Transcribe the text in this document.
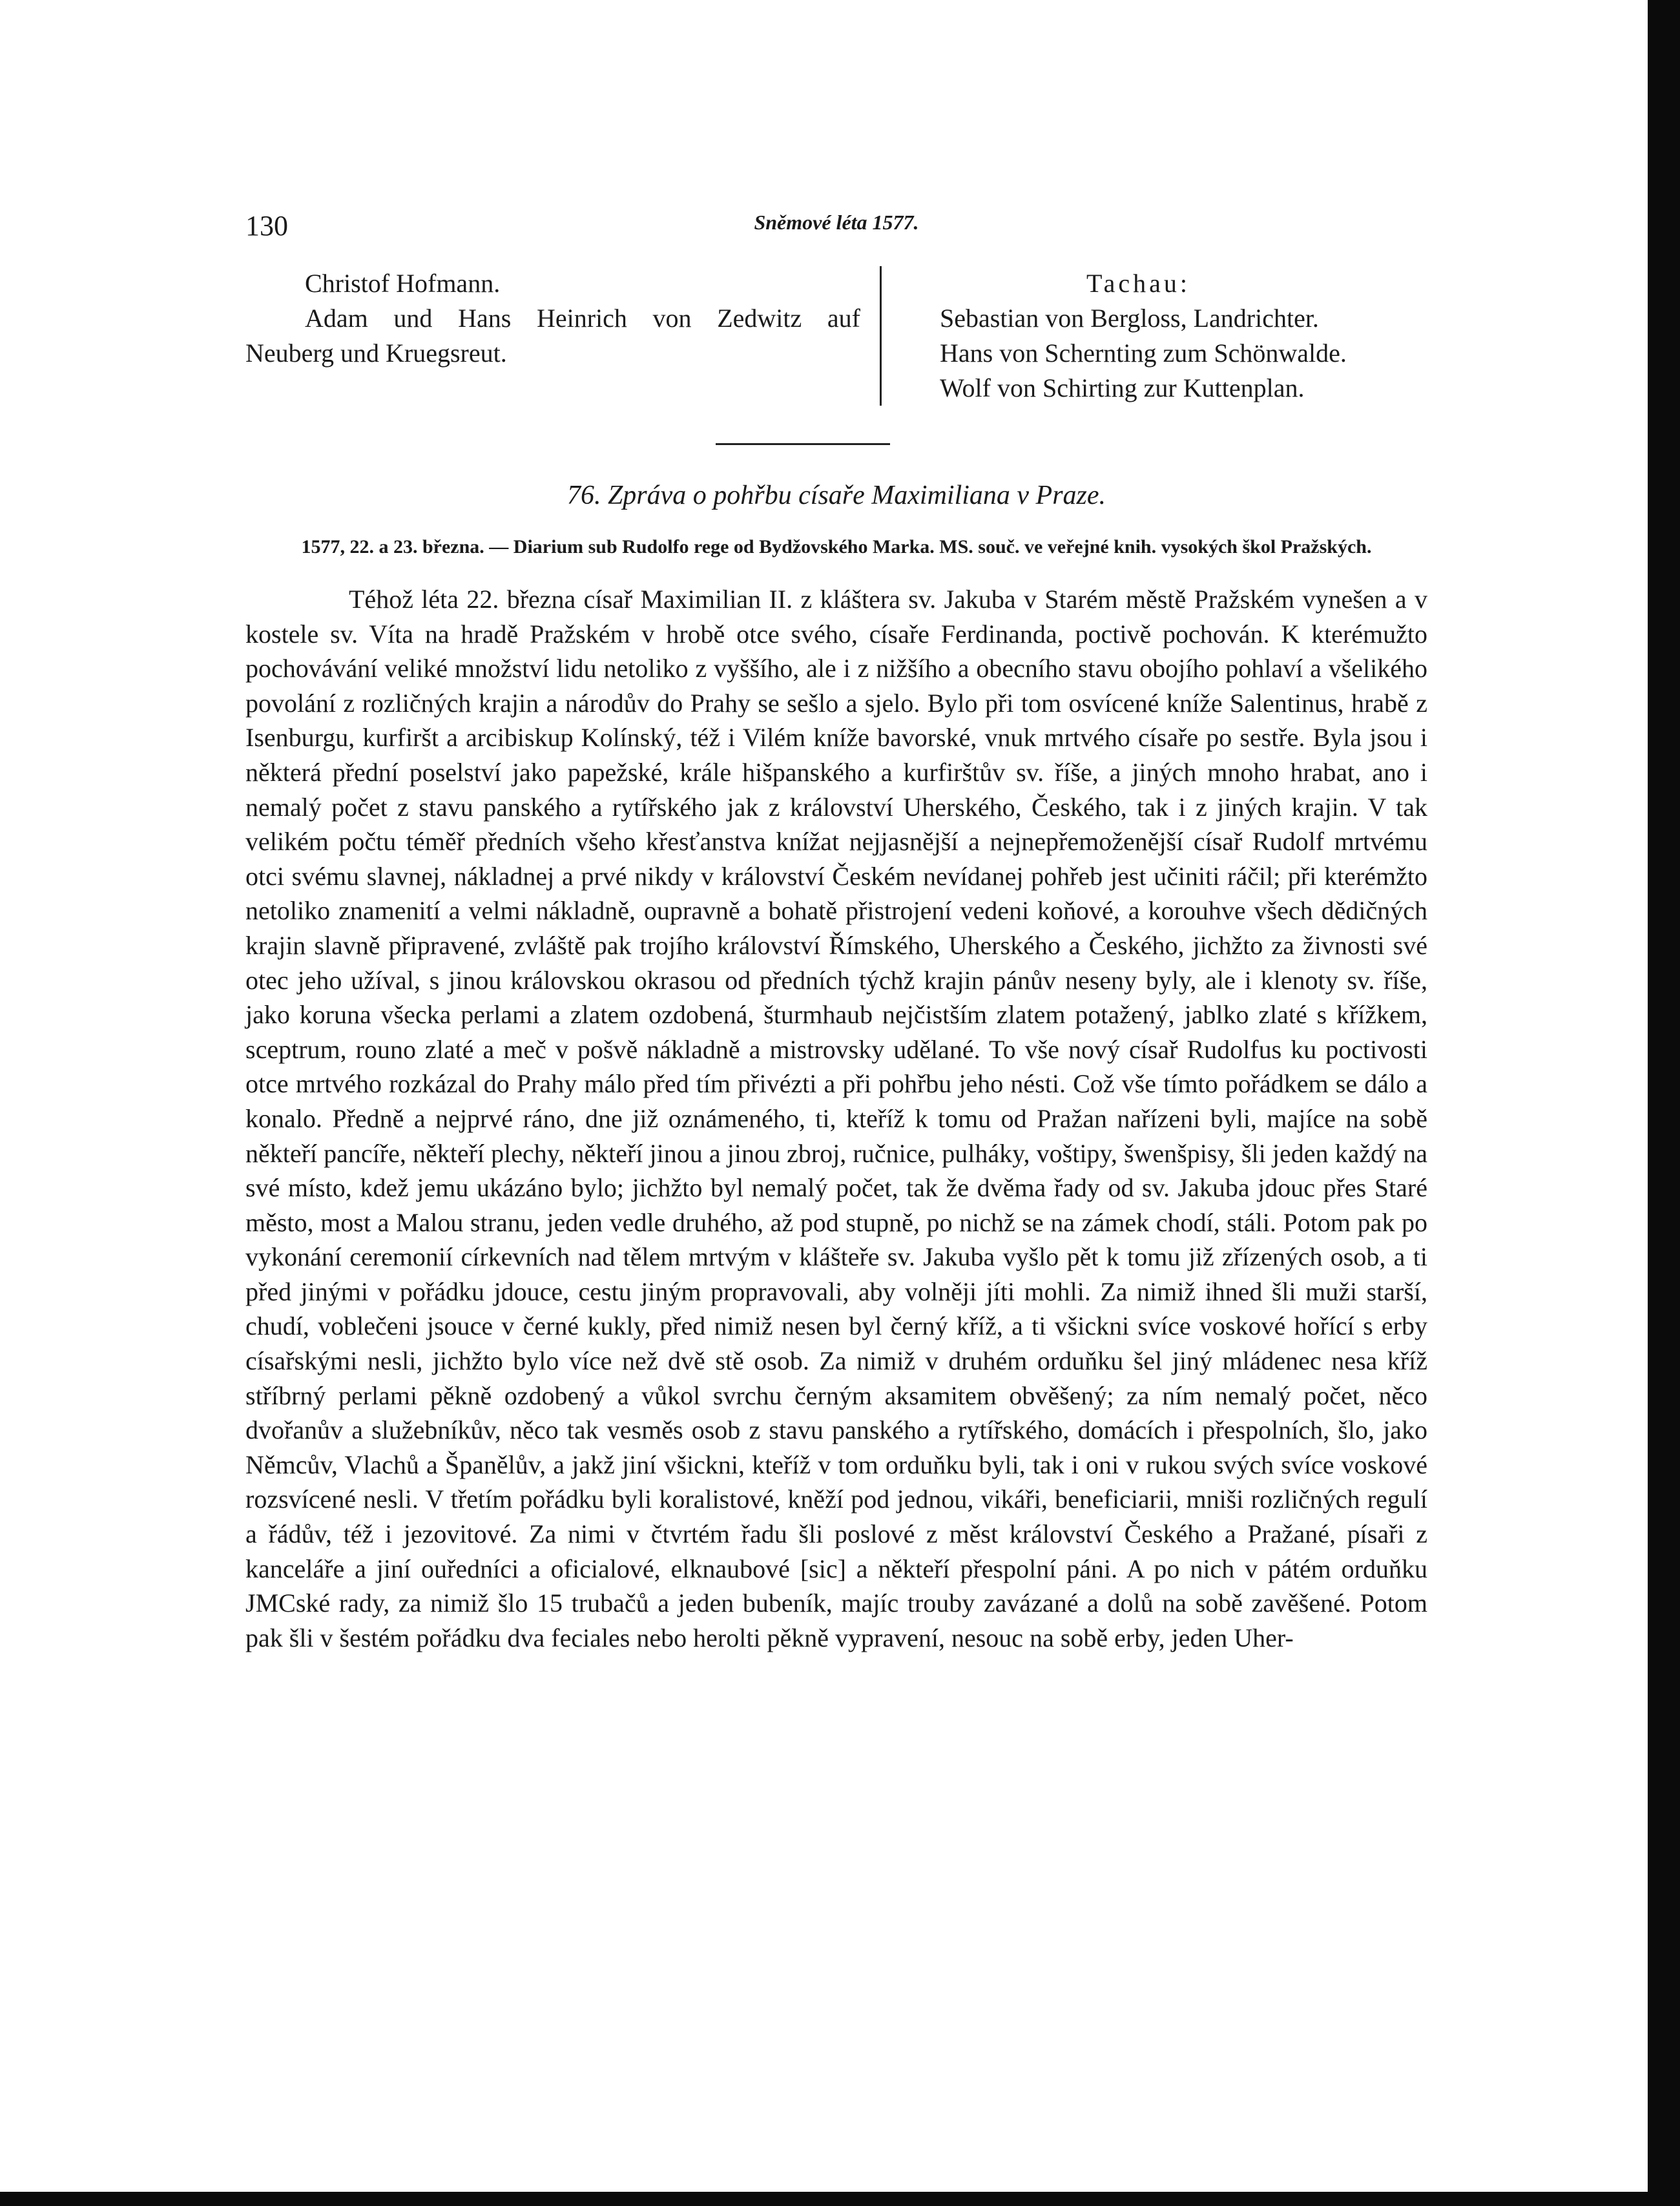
130	Sněmové léta 1577.
Christof Hofmann.
Adam und Hans Heinrich von Zedwitz auf
Neuberg und Kruegsreut.
Tachau:
Sebastian von Bergloss, Landrichter.
Hans von Schernting zum Schönwalde.
Wolf von Schirting zur Kuttenplan.
76. Zpráva o pohřbu císaře Maximiliana v Praze.
1577, 22. a 23. března. — Diarium sub Rudolfo rege od Bydžovského Marka. MS. souč. ve veřejné knih. vysokých škol Pražských.
Téhož léta 22. března císař Maximilian II. z kláštera sv. Jakuba v Starém městě Pražském vynešen a v kostele sv. Víta na hradě Pražském v hrobě otce svého, císaře Ferdinanda, poctivě pochován. K kterémužto pochovávání veliké množství lidu netoliko z vyššího, ale i z nižšího a obecního stavu obojího pohlaví a všelikého povolání z rozličných krajin a národův do Prahy se sešlo a sjelo. Bylo při tom osvícené kníže Salentinus, hrabě z Isenburgu, kurfiršt a arcibiskup Kolínský, též i Vilém kníže bavorské, vnuk mrtvého císaře po sestře. Byla jsou i některá přední poselství jako papežské, krále hišpanského a kurfirštův sv. říše, a jiných mnoho hrabat, ano i nemalý počet z stavu panského a rytířského jak z království Uherského, Českého, tak i z jiných krajin. V tak velikém počtu téměř předních všeho křesťanstva knížat nejjasnější a nejnepřemoženější císař Rudolf mrtvému otci svému slavnej, nákladnej a prvé nikdy v království Českém nevídanej pohřeb jest učiniti ráčil; při kterémžto netoliko znamenití a velmi nákladně, oupravně a bohatě přistrojení vedeni koňové, a korouhve všech dědičných krajin slavně připravené, zvláště pak trojího království Římského, Uherského a Českého, jichžto za živnosti své otec jeho užíval, s jinou královskou okrasou od předních týchž krajin pánův neseny byly, ale i klenoty sv. říše, jako koruna všecka perlami a zlatem ozdobená, šturmhaub nejčistším zlatem potažený, jablko zlaté s křížkem, sceptrum, rouno zlaté a meč v pošvě nákladně a mistrovsky udělané. To vše nový císař Rudolfus ku poctivosti otce mrtvého rozkázal do Prahy málo před tím přivézti a při pohřbu jeho nésti. Což vše tímto pořádkem se dálo a konalo. Předně a nejprvé ráno, dne již oznámeného, ti, kteříž k tomu od Pražan nařízeni byli, majíce na sobě někteří pancíře, někteří plechy, někteří jinou a jinou zbroj, ručnice, pulháky, voštipy, šwenšpisy, šli jeden každý na své místo, kdež jemu ukázáno bylo; jichžto byl nemalý počet, tak že dvěma řady od sv. Jakuba jdouc přes Staré město, most a Malou stranu, jeden vedle druhého, až pod stupně, po nichž se na zámek chodí, stáli. Potom pak po vykonání ceremonií církevních nad tělem mrtvým v klášteře sv. Jakuba vyšlo pět k tomu již zřízených osob, a ti před jinými v pořádku jdouce, cestu jiným propravovali, aby volněji jíti mohli. Za nimiž ihned šli muži starší, chudí, voblečeni jsouce v černé kukly, před nimiž nesen byl černý kříž, a ti všickni svíce voskové hořící s erby císařskými nesli, jichžto bylo více než dvě stě osob. Za nimiž v druhém orduňku šel jiný mládenec nesa kříž stříbrný perlami pěkně ozdobený a vůkol svrchu černým aksamitem obvěšený; za ním nemalý počet, něco dvořanův a služebníkův, něco tak vesměs osob z stavu panského a rytířského, domácích i přespolních, šlo, jako Němcův, Vlachů a Španělův, a jakž jiní všickni, kteříž v tom orduňku byli, tak i oni v rukou svých svíce voskové rozsvícené nesli. V třetím pořádku byli koralistové, kněží pod jednou, vikáři, beneficiarii, mniši rozličných regulí a řádův, též i jezovitové. Za nimi v čtvrtém řadu šli poslové z měst království Českého a Pražané, písaři z kanceláře a jiní ouředníci a oficialové, elknaubové [sic] a někteří přespolní páni. A po nich v pátém orduňku JMCské rady, za nimiž šlo 15 trubačů a jeden bubeník, majíc trouby zavázané a dolů na sobě zavěšené. Potom pak šli v šestém pořádku dva feciales nebo herolti pěkně vypravení, nesouc na sobě erby, jeden Uher-
